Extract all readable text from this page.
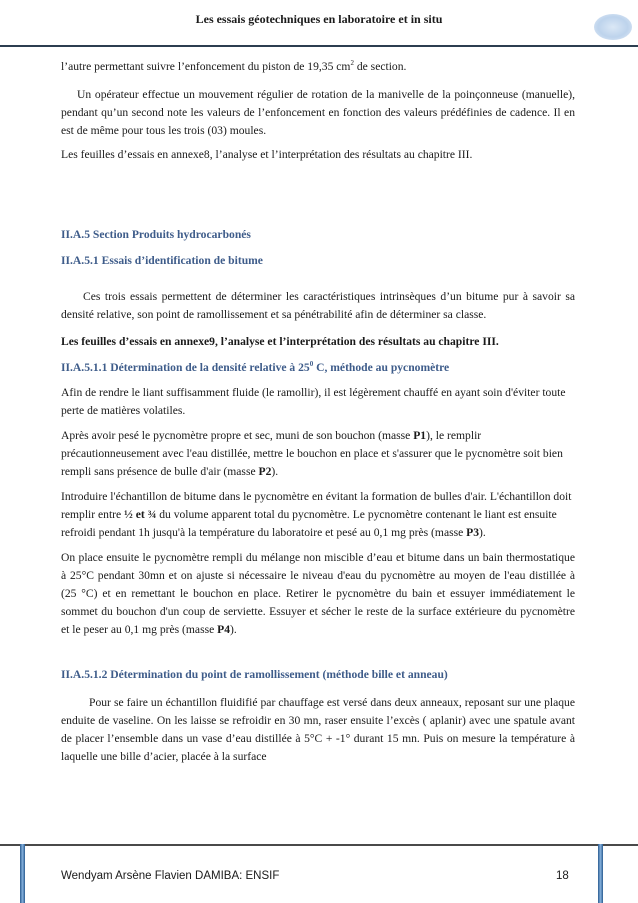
Les essais géotechniques en laboratoire et in situ

l’autre permettant suivre l’enfoncement du piston de 19,35 $cm^2$ de section.

Un opérateur effectue un mouvement régulier de rotation de la manivelle de la poinçonneuse (manuelle), pendant qu’un second note les valeurs de l’enfoncement en fonction des valeurs prédéfinies de cadence. Il en est de même pour tous les trois (03) moules.

Les feuilles d’essais en annexe8, l’analyse et l’interprétation des résultats au chapitre III.

II.A.5 Section Produits hydrocarbonés

II.A.5.1 Essais d’identification de bitume

Ces trois essais permettent de déterminer les caractéristiques intrinsèques d’un bitume pur à savoir sa densité relative, son point de ramollissement et sa pénétrabilité afin de déterminer sa classe.

Les feuilles d’essais en annexe9, l’analyse et l’interprétation des résultats au chapitre III.

II.A.5.1.1 Détermination de la densité relative à $25^0$ C, méthode au pycnomètre

Afin de rendre le liant suffisamment fluide (le ramollir), il est légèrement chauffé en ayant soin d'éviter toute perte de matières volatiles.

Après avoir pesé le pycnomètre propre et sec, muni de son bouchon (masse P1), le remplir précautionneusement avec l'eau distillée, mettre le bouchon en place et s'assurer que le pycnomètre soit bien rempli sans présence de bulle d'air (masse P2).

Introduire l'échantillon de bitume dans le pycnomètre en évitant la formation de bulles d'air. L'échantillon doit remplir entre ½ et ¾ du volume apparent total du pycnomètre. Le pycnomètre contenant le liant est ensuite refroidi pendant 1h jusqu'à la température du laboratoire et pesé au 0,1 mg près (masse P3).

On place ensuite le pycnomètre rempli du mélange non miscible d’eau et bitume dans un bain thermostatique à 25°C pendant 30mn et on ajuste si nécessaire le niveau d'eau du pycnomètre au moyen de l'eau distillée à (25 °C) et en remettant le bouchon en place. Retirer le pycnomètre du bain et essuyer immédiatement le sommet du bouchon d'un coup de serviette. Essuyer et sécher le reste de la surface extérieure du pycnomètre et le peser au 0,1 mg près (masse P4).

II.A.5.1.2 Détermination du point de ramollissement (méthode bille et anneau)

Pour se faire un échantillon fluidifié par chauffage est versé dans deux anneaux, reposant sur une plaque enduite de vaseline. On les laisse se refroidir en 30 mn, raser ensuite l’excès ( aplanir) avec une spatule avant de placer l’ensemble dans un vase d’eau distillée à 5°C + -1° durant 15 mn. Puis on mesure la température à laquelle une bille d’acier, placée à la surface

Wendyam Arsène Flavien DAMIBA: ENSIF	18
